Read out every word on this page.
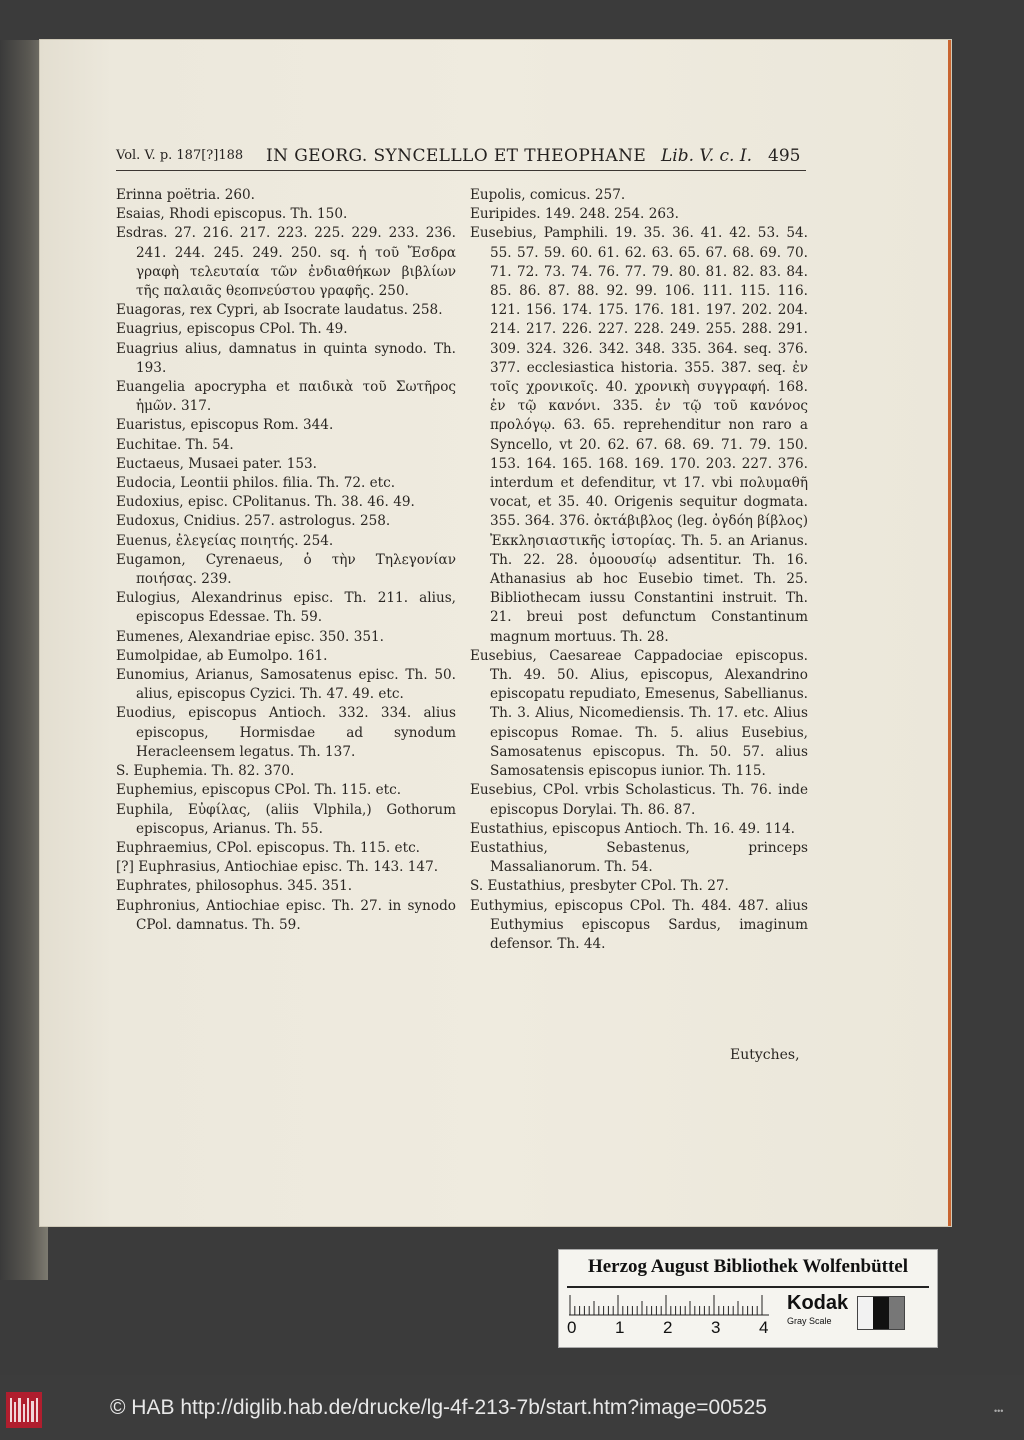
Vol. V. p. 187[?]188 IN GEORG. SYNCELLLO ET THEOPHANE Lib. V. c. I. 495
Erinna poëtria. 260.
Esaias, Rhodi episcopus. Th. 150.
Esdras. 27. 216. 217. 223. 225. 229. 233. 236. 241. 244. 245. 249. 250. sq. ἡ τοῦ Ἔσδρα γραφὴ τελευταία τῶν ἐνδιαθήκων βιβλίων τῆς παλαιᾶς θεοπνεύστου γραφῆς. 250.
Euagoras, rex Cypri, ab Isocrate laudatus. 258.
Euagrius, episcopus CPol. Th. 49.
Euagrius alius, damnatus in quinta synodo. Th. 193.
Euangelia apocrypha et παιδικὰ τοῦ Σωτῆρος ἡμῶν. 317.
Euaristus, episcopus Rom. 344.
Euchitae. Th. 54.
Euctaeus, Musaei pater. 153.
Eudocia, Leontii philos. filia. Th. 72. etc.
Eudoxius, episc. CPolitanus. Th. 38. 46. 49.
Eudoxus, Cnidius. 257. astrologus. 258.
Euenus, ἐλεγείας ποιητής. 254.
Eugamon, Cyrenaeus, ὁ τὴν Τηλεγονίαν ποιήσας. 239.
Eulogius, Alexandrinus episc. Th. 211. alius, episcopus Edessae. Th. 59.
Eumenes, Alexandriae episc. 350. 351.
Eumolpidae, ab Eumolpo. 161.
Eunomius, Arianus, Samosatenus episc. Th. 50. alius, episcopus Cyzici. Th. 47. 49. etc.
Euodius, episcopus Antioch. 332. 334. alius episcopus, Hormisdae ad synodum Heracleensem legatus. Th. 137.
S. Euphemia. Th. 82. 370.
Euphemius, episcopus CPol. Th. 115. etc.
Euphila, Εὐφίλας, (aliis Vlphila,) Gothorum episcopus, Arianus. Th. 55.
Euphraemius, CPol. episcopus. Th. 115. etc.
[?] Euphrasius, Antiochiae episc. Th. 143. 147.
Euphrates, philosophus. 345. 351.
Euphronius, Antiochiae episc. Th. 27. in synodo CPol. damnatus. Th. 59.
Eupolis, comicus. 257.
Euripides. 149. 248. 254. 263.
Eusebius, Pamphili. 19. 35. 36. 41. 42. 53. 54. 55. 57. 59. 60. 61. 62. 63. 65. 67. 68. 69. 70. 71. 72. 73. 74. 76. 77. 79. 80. 81. 82. 83. 84. 85. 86. 87. 88. 92. 99. 106. 111. 115. 116. 121. 156. 174. 175. 176. 181. 197. 202. 204. 214. 217. 226. 227. 228. 249. 255. 288. 291. 309. 324. 326. 342. 348. 335. 364. seq. 376. 377. ecclesiastica historia. 355. 387. seq. ἐν τοῖς χρονικοῖς. 40. χρονικὴ συγγραφή. 168. ἐν τῷ κανόνι. 335. ἐν τῷ τοῦ κανόνος προλόγῳ. 63. 65. reprehenditur non raro a Syncello, vt 20. 62. 67. 68. 69. 71. 79. 150. 153. 164. 165. 168. 169. 170. 203. 227. 376. interdum et defenditur, vt 17. vbi πολυμαθῆ vocat, et 35. 40. Origenis sequitur dogmata. 355. 364. 376. ὀκτάβιβλος (leg. ὀγδόη βίβλος) Ἐκκλησιαστικῆς ἱστορίας. Th. 5. an Arianus. Th. 22. 28. ὁμοουσίῳ adsentitur. Th. 16. Athanasius ab hoc Eusebio timet. Th. 25. Bibliothecam iussu Constantini instruit. Th. 21. breui post defunctum Constantinum magnum mortuus. Th. 28.
Eusebius, Caesareae Cappadociae episcopus. Th. 49. 50. Alius, episcopus, Alexandrino episcopatu repudiato, Emesenus, Sabellianus. Th. 3. Alius, Nicomediensis. Th. 17. etc. Alius episcopus Romae. Th. 5. alius Eusebius, Samosatenus episcopus. Th. 50. 57. alius Samosatensis episcopus iunior. Th. 115.
Eusebius, CPol. vrbis Scholasticus. Th. 76. inde episcopus Dorylai. Th. 86. 87.
Eustathius, episcopus Antioch. Th. 16. 49. 114.
Eustathius, Sebastenus, princeps Massalianorum. Th. 54.
S. Eustathius, presbyter CPol. Th. 27.
Euthymius, episcopus CPol. Th. 484. 487. alius Euthymius episcopus Sardus, imaginum defensor. Th. 44.
Eutyches,
Herzog August Bibliothek Wolfenbüttel
0 1 2 3 4
Kodak
Gray Scale
© HAB http://diglib.hab.de/drucke/lg-4f-213-7b/start.htm?image=00525	•••
